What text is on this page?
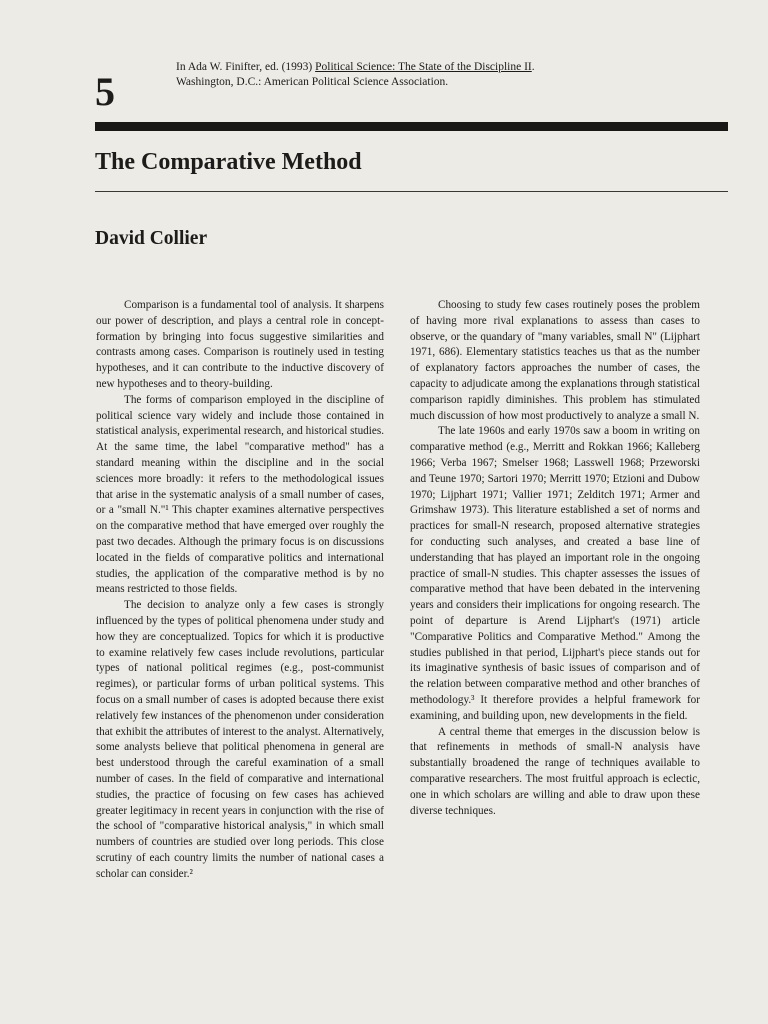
5
In Ada W. Finifter, ed. (1993) Political Science: The State of the Discipline II.
Washington, D.C.: American Political Science Association.
The Comparative Method
David Collier

Comparison is a fundamental tool of analysis. It sharpens our power of description, and plays a central role in concept-formation by bringing into focus suggestive similarities and contrasts among cases. Comparison is routinely used in testing hypotheses, and it can contribute to the inductive discovery of new hypotheses and to theory-building.

The forms of comparison employed in the discipline of political science vary widely and include those contained in statistical analysis, experimental research, and historical studies. At the same time, the label "comparative method" has a standard meaning within the discipline and in the social sciences more broadly: it refers to the methodological issues that arise in the systematic analysis of a small number of cases, or a "small N."¹ This chapter examines alternative perspectives on the comparative method that have emerged over roughly the past two decades. Although the primary focus is on discussions located in the fields of comparative politics and international studies, the application of the comparative method is by no means restricted to those fields.

The decision to analyze only a few cases is strongly influenced by the types of political phenomena under study and how they are conceptualized. Topics for which it is productive to examine relatively few cases include revolutions, particular types of national political regimes (e.g., post-communist regimes), or particular forms of urban political systems. This focus on a small number of cases is adopted because there exist relatively few instances of the phenomenon under consideration that exhibit the attributes of interest to the analyst. Alternatively, some analysts believe that political phenomena in general are best understood through the careful examination of a small number of cases. In the field of comparative and international studies, the practice of focusing on few cases has achieved greater legitimacy in recent years in conjunction with the rise of the school of "comparative historical analysis," in which small numbers of countries are studied over long periods. This close scrutiny of each country limits the number of national cases a scholar can consider.²

Choosing to study few cases routinely poses the problem of having more rival explanations to assess than cases to observe, or the quandary of "many variables, small N" (Lijphart 1971, 686). Elementary statistics teaches us that as the number of explanatory factors approaches the number of cases, the capacity to adjudicate among the explanations through statistical comparison rapidly diminishes. This problem has stimulated much discussion of how most productively to analyze a small N.

The late 1960s and early 1970s saw a boom in writing on comparative method (e.g., Merritt and Rokkan 1966; Kalleberg 1966; Verba 1967; Smelser 1968; Lasswell 1968; Przeworski and Teune 1970; Sartori 1970; Merritt 1970; Etzioni and Dubow 1970; Lijphart 1971; Vallier 1971; Zelditch 1971; Armer and Grimshaw 1973). This literature established a set of norms and practices for small-N research, proposed alternative strategies for conducting such analyses, and created a base line of understanding that has played an important role in the ongoing practice of small-N studies. This chapter assesses the issues of comparative method that have been debated in the intervening years and considers their implications for ongoing research. The point of departure is Arend Lijphart's (1971) article "Comparative Politics and Comparative Method." Among the studies published in that period, Lijphart's piece stands out for its imaginative synthesis of basic issues of comparison and of the relation between comparative method and other branches of methodology.³ It therefore provides a helpful framework for examining, and building upon, new developments in the field.

A central theme that emerges in the discussion below is that refinements in methods of small-N analysis have substantially broadened the range of techniques available to comparative researchers. The most fruitful approach is eclectic, one in which scholars are willing and able to draw upon these diverse techniques.
